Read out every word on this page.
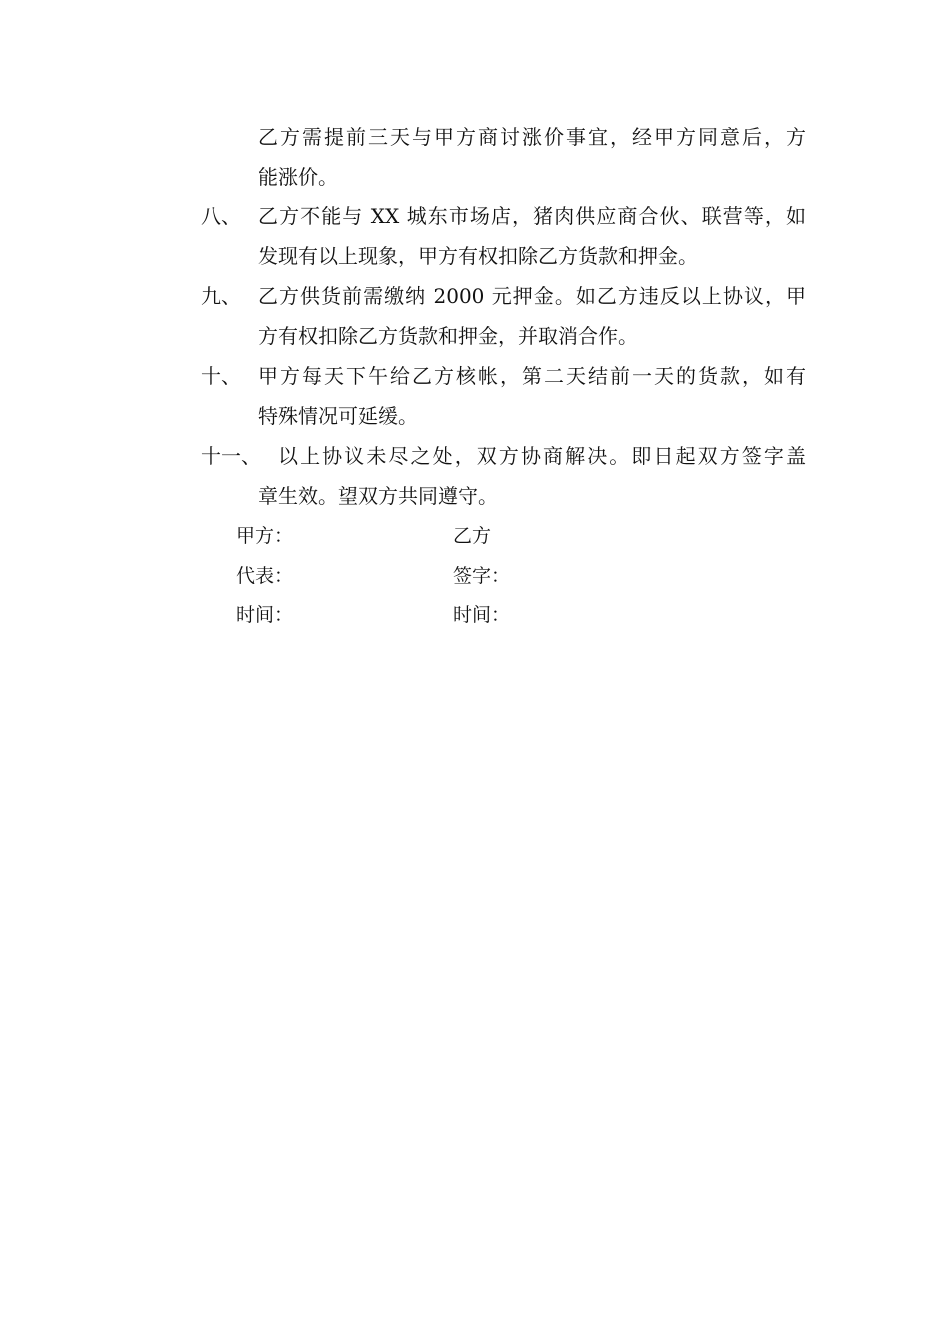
乙方需提前三天与甲方商讨涨价事宜，经甲方同意后，方
能涨价。
八、 乙方不能与 XX 城东市场店，猪肉供应商合伙、联营等，如
发现有以上现象，甲方有权扣除乙方货款和押金。
九、 乙方供货前需缴纳 2000 元押金。如乙方违反以上协议，甲
方有权扣除乙方货款和押金，并取消合作。
十、 甲方每天下午给乙方核帐，第二天结前一天的货款，如有
特殊情况可延缓。
十一、 以上协议未尽之处，双方协商解决。即日起双方签字盖
章生效。望双方共同遵守。
甲方：	乙方
代表：	签字：
时间：	时间：
